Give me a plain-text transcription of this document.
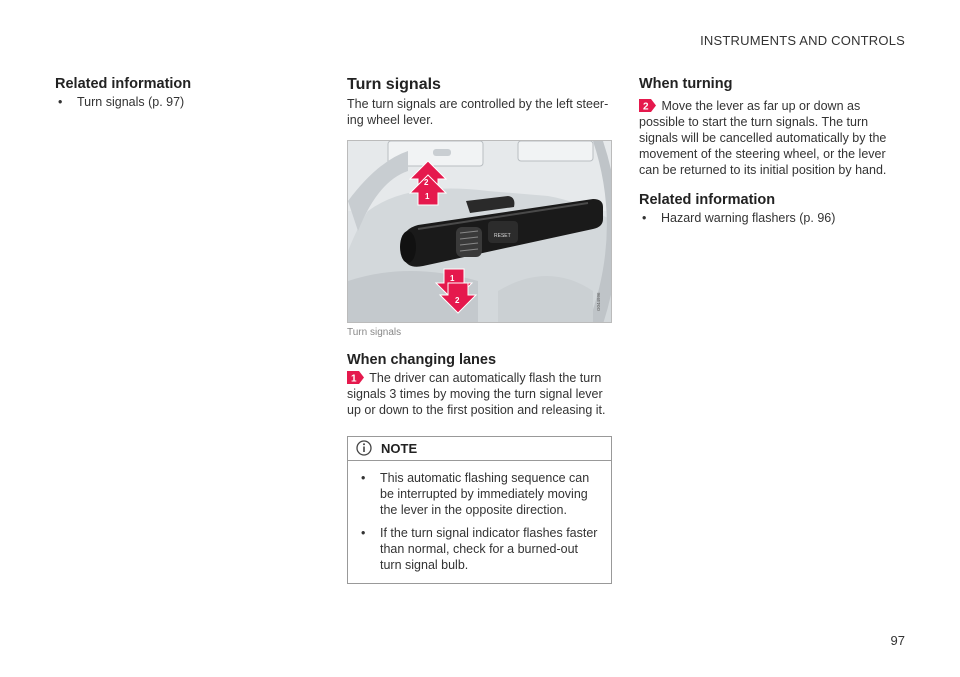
INSTRUMENTS AND CONTROLS
Related information
• Turn signals (p. 97)
Turn signals

The turn signals are controlled by the left steer-ing wheel lever.

RESET
2
1
1
2	G044996
Turn signals
When changing lanes

1 The driver can automatically flash the turn signals 3 times by moving the turn signal lever up or down to the first position and releasing it.

NOTE
• This automatic flashing sequence can be interrupted by immediately moving the lever in the opposite direction.
• If the turn signal indicator flashes faster than normal, check for a burned-out turn signal bulb.
When turning

2 Move the lever as far up or down as possible to start the turn signals. The turn signals will be cancelled automatically by the movement of the steering wheel, or the lever can be returned to its initial position by hand.

Related information
• Hazard warning flashers (p. 96)
97
